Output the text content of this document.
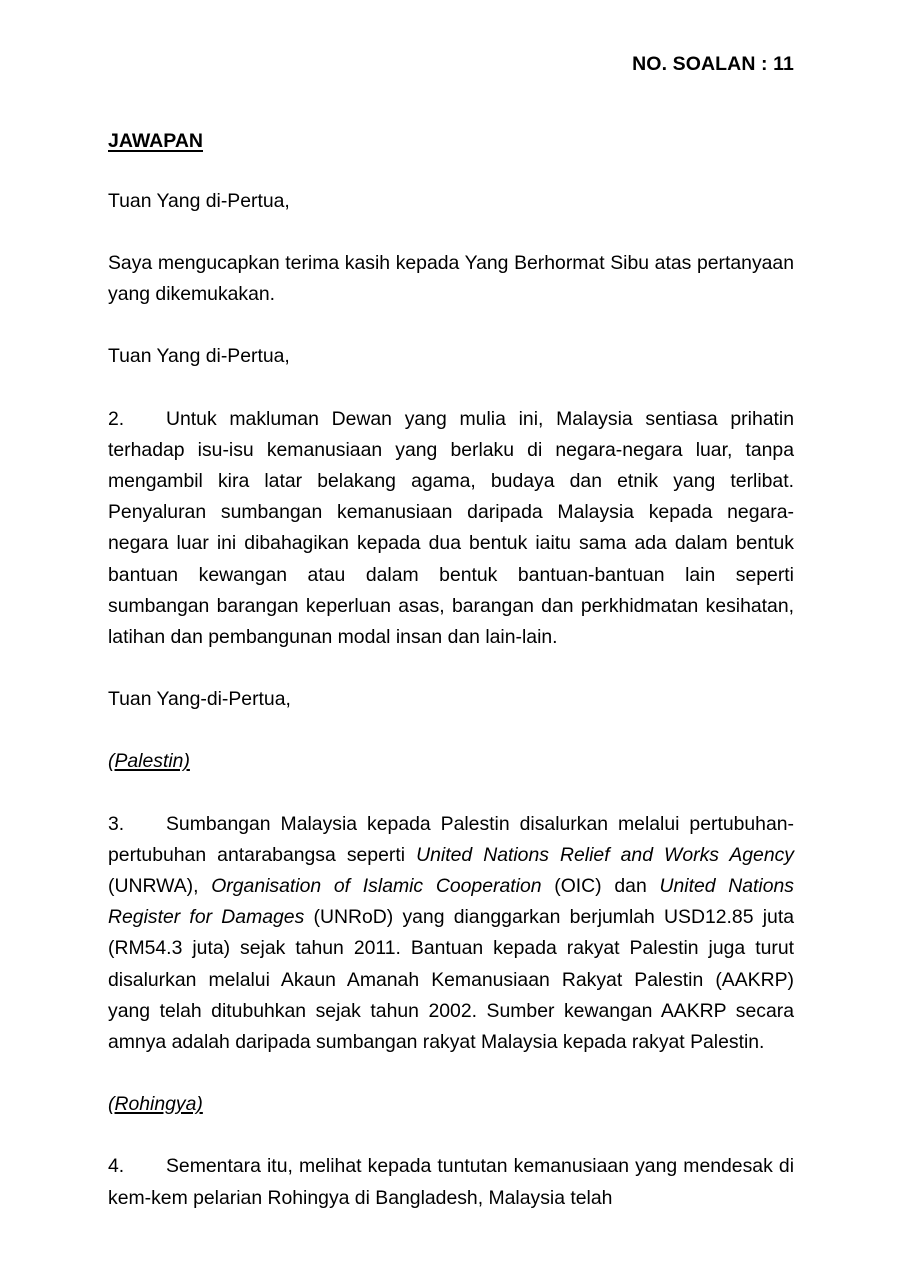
NO. SOALAN : 11
JAWAPAN

Tuan Yang di-Pertua,

Saya mengucapkan terima kasih kepada Yang Berhormat Sibu atas pertanyaan yang dikemukakan.

Tuan Yang di-Pertua,

2. Untuk makluman Dewan yang mulia ini, Malaysia sentiasa prihatin terhadap isu-isu kemanusiaan yang berlaku di negara-negara luar, tanpa mengambil kira latar belakang agama, budaya dan etnik yang terlibat. Penyaluran sumbangan kemanusiaan daripada Malaysia kepada negara-negara luar ini dibahagikan kepada dua bentuk iaitu sama ada dalam bentuk bantuan kewangan atau dalam bentuk bantuan-bantuan lain seperti sumbangan barangan keperluan asas, barangan dan perkhidmatan kesihatan, latihan dan pembangunan modal insan dan lain-lain.

Tuan Yang-di-Pertua,

(Palestin)

3. Sumbangan Malaysia kepada Palestin disalurkan melalui pertubuhan-pertubuhan antarabangsa seperti United Nations Relief and Works Agency (UNRWA), Organisation of Islamic Cooperation (OIC) dan United Nations Register for Damages (UNRoD) yang dianggarkan berjumlah USD12.85 juta (RM54.3 juta) sejak tahun 2011. Bantuan kepada rakyat Palestin juga turut disalurkan melalui Akaun Amanah Kemanusiaan Rakyat Palestin (AAKRP) yang telah ditubuhkan sejak tahun 2002. Sumber kewangan AAKRP secara amnya adalah daripada sumbangan rakyat Malaysia kepada rakyat Palestin.

(Rohingya)

4. Sementara itu, melihat kepada tuntutan kemanusiaan yang mendesak di kem-kem pelarian Rohingya di Bangladesh, Malaysia telah
